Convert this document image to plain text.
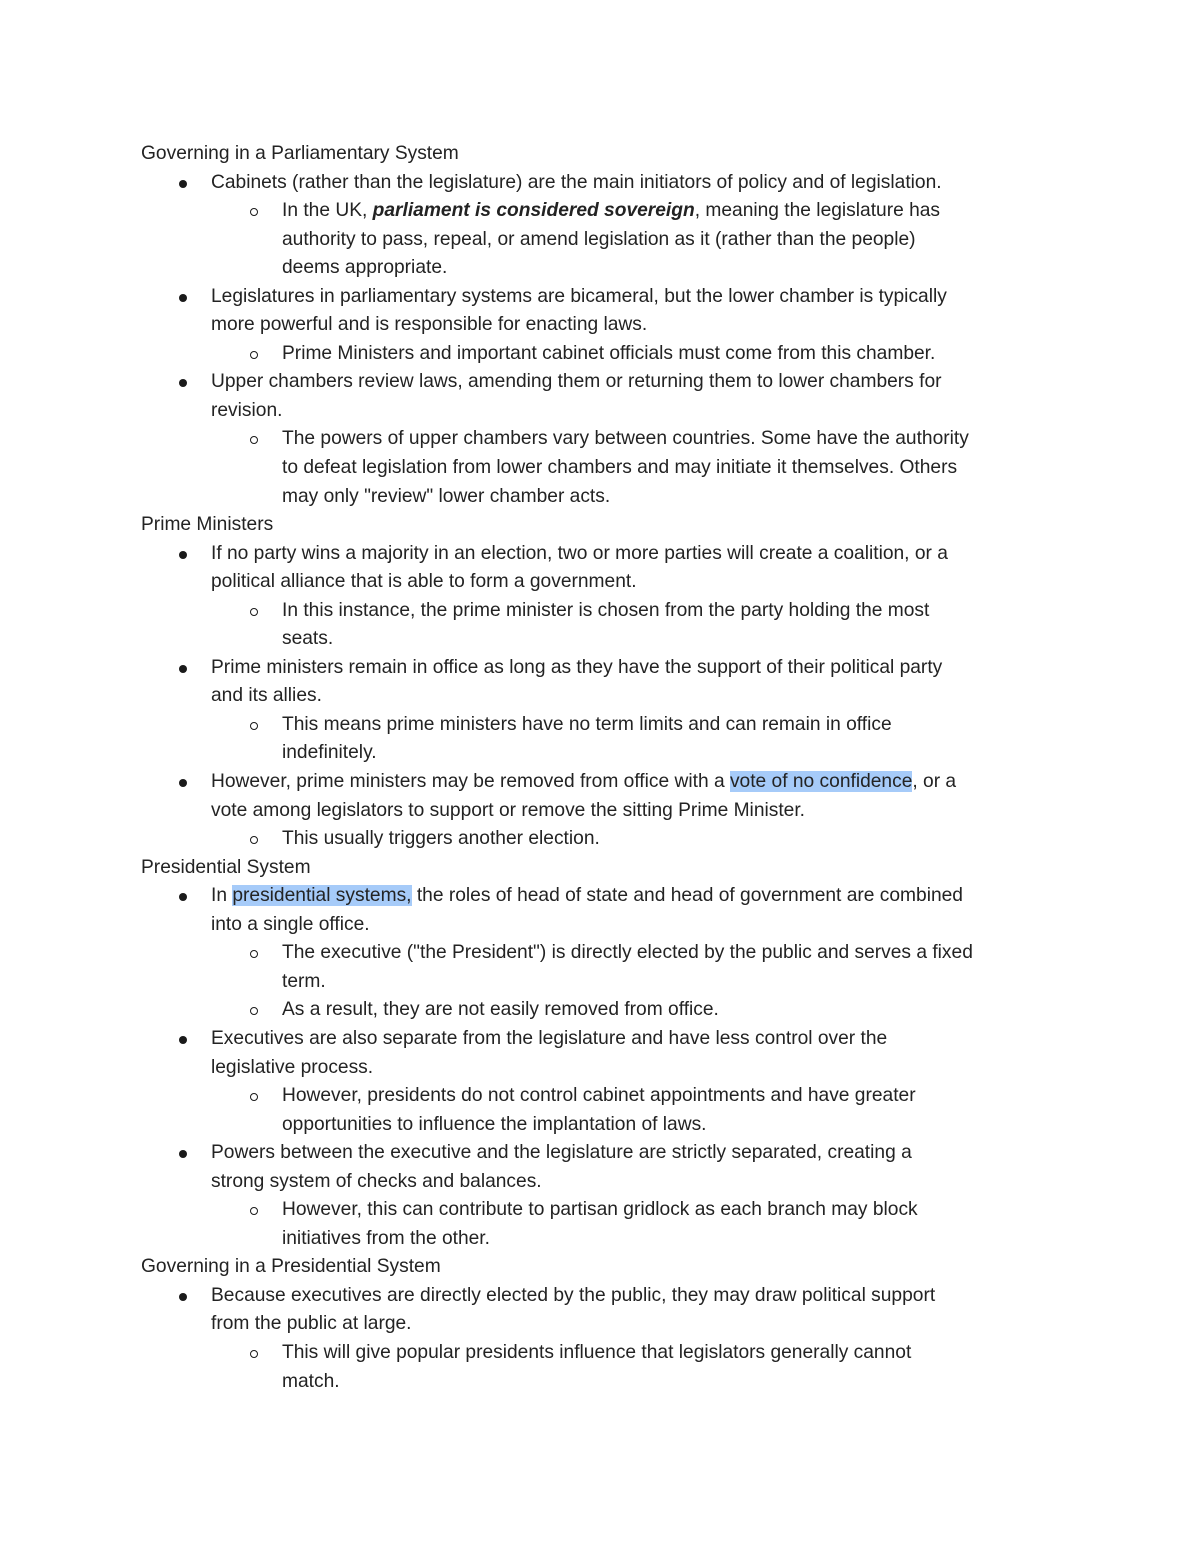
Governing in a Parliamentary System
Cabinets (rather than the legislature) are the main initiators of policy and of legislation.
In the UK, parliament is considered sovereign, meaning the legislature has
authority to pass, repeal, or amend legislation as it (rather than the people)
deems appropriate.
Legislatures in parliamentary systems are bicameral, but the lower chamber is typically
more powerful and is responsible for enacting laws.
Prime Ministers and important cabinet officials must come from this chamber.
Upper chambers review laws, amending them or returning them to lower chambers for
revision.
The powers of upper chambers vary between countries. Some have the authority
to defeat legislation from lower chambers and may initiate it themselves. Others
may only "review" lower chamber acts.
Prime Ministers
If no party wins a majority in an election, two or more parties will create a coalition, or a
political alliance that is able to form a government.
In this instance, the prime minister is chosen from the party holding the most
seats.
Prime ministers remain in office as long as they have the support of their political party
and its allies.
This means prime ministers have no term limits and can remain in office
indefinitely.
However, prime ministers may be removed from office with a vote of no confidence, or a
vote among legislators to support or remove the sitting Prime Minister.
This usually triggers another election.
Presidential System
In presidential systems, the roles of head of state and head of government are combined
into a single office.
The executive ("the President") is directly elected by the public and serves a fixed
term.
As a result, they are not easily removed from office.
Executives are also separate from the legislature and have less control over the
legislative process.
However, presidents do not control cabinet appointments and have greater
opportunities to influence the implantation of laws.
Powers between the executive and the legislature are strictly separated, creating a
strong system of checks and balances.
However, this can contribute to partisan gridlock as each branch may block
initiatives from the other.
Governing in a Presidential System
Because executives are directly elected by the public, they may draw political support
from the public at large.
This will give popular presidents influence that legislators generally cannot
match.
